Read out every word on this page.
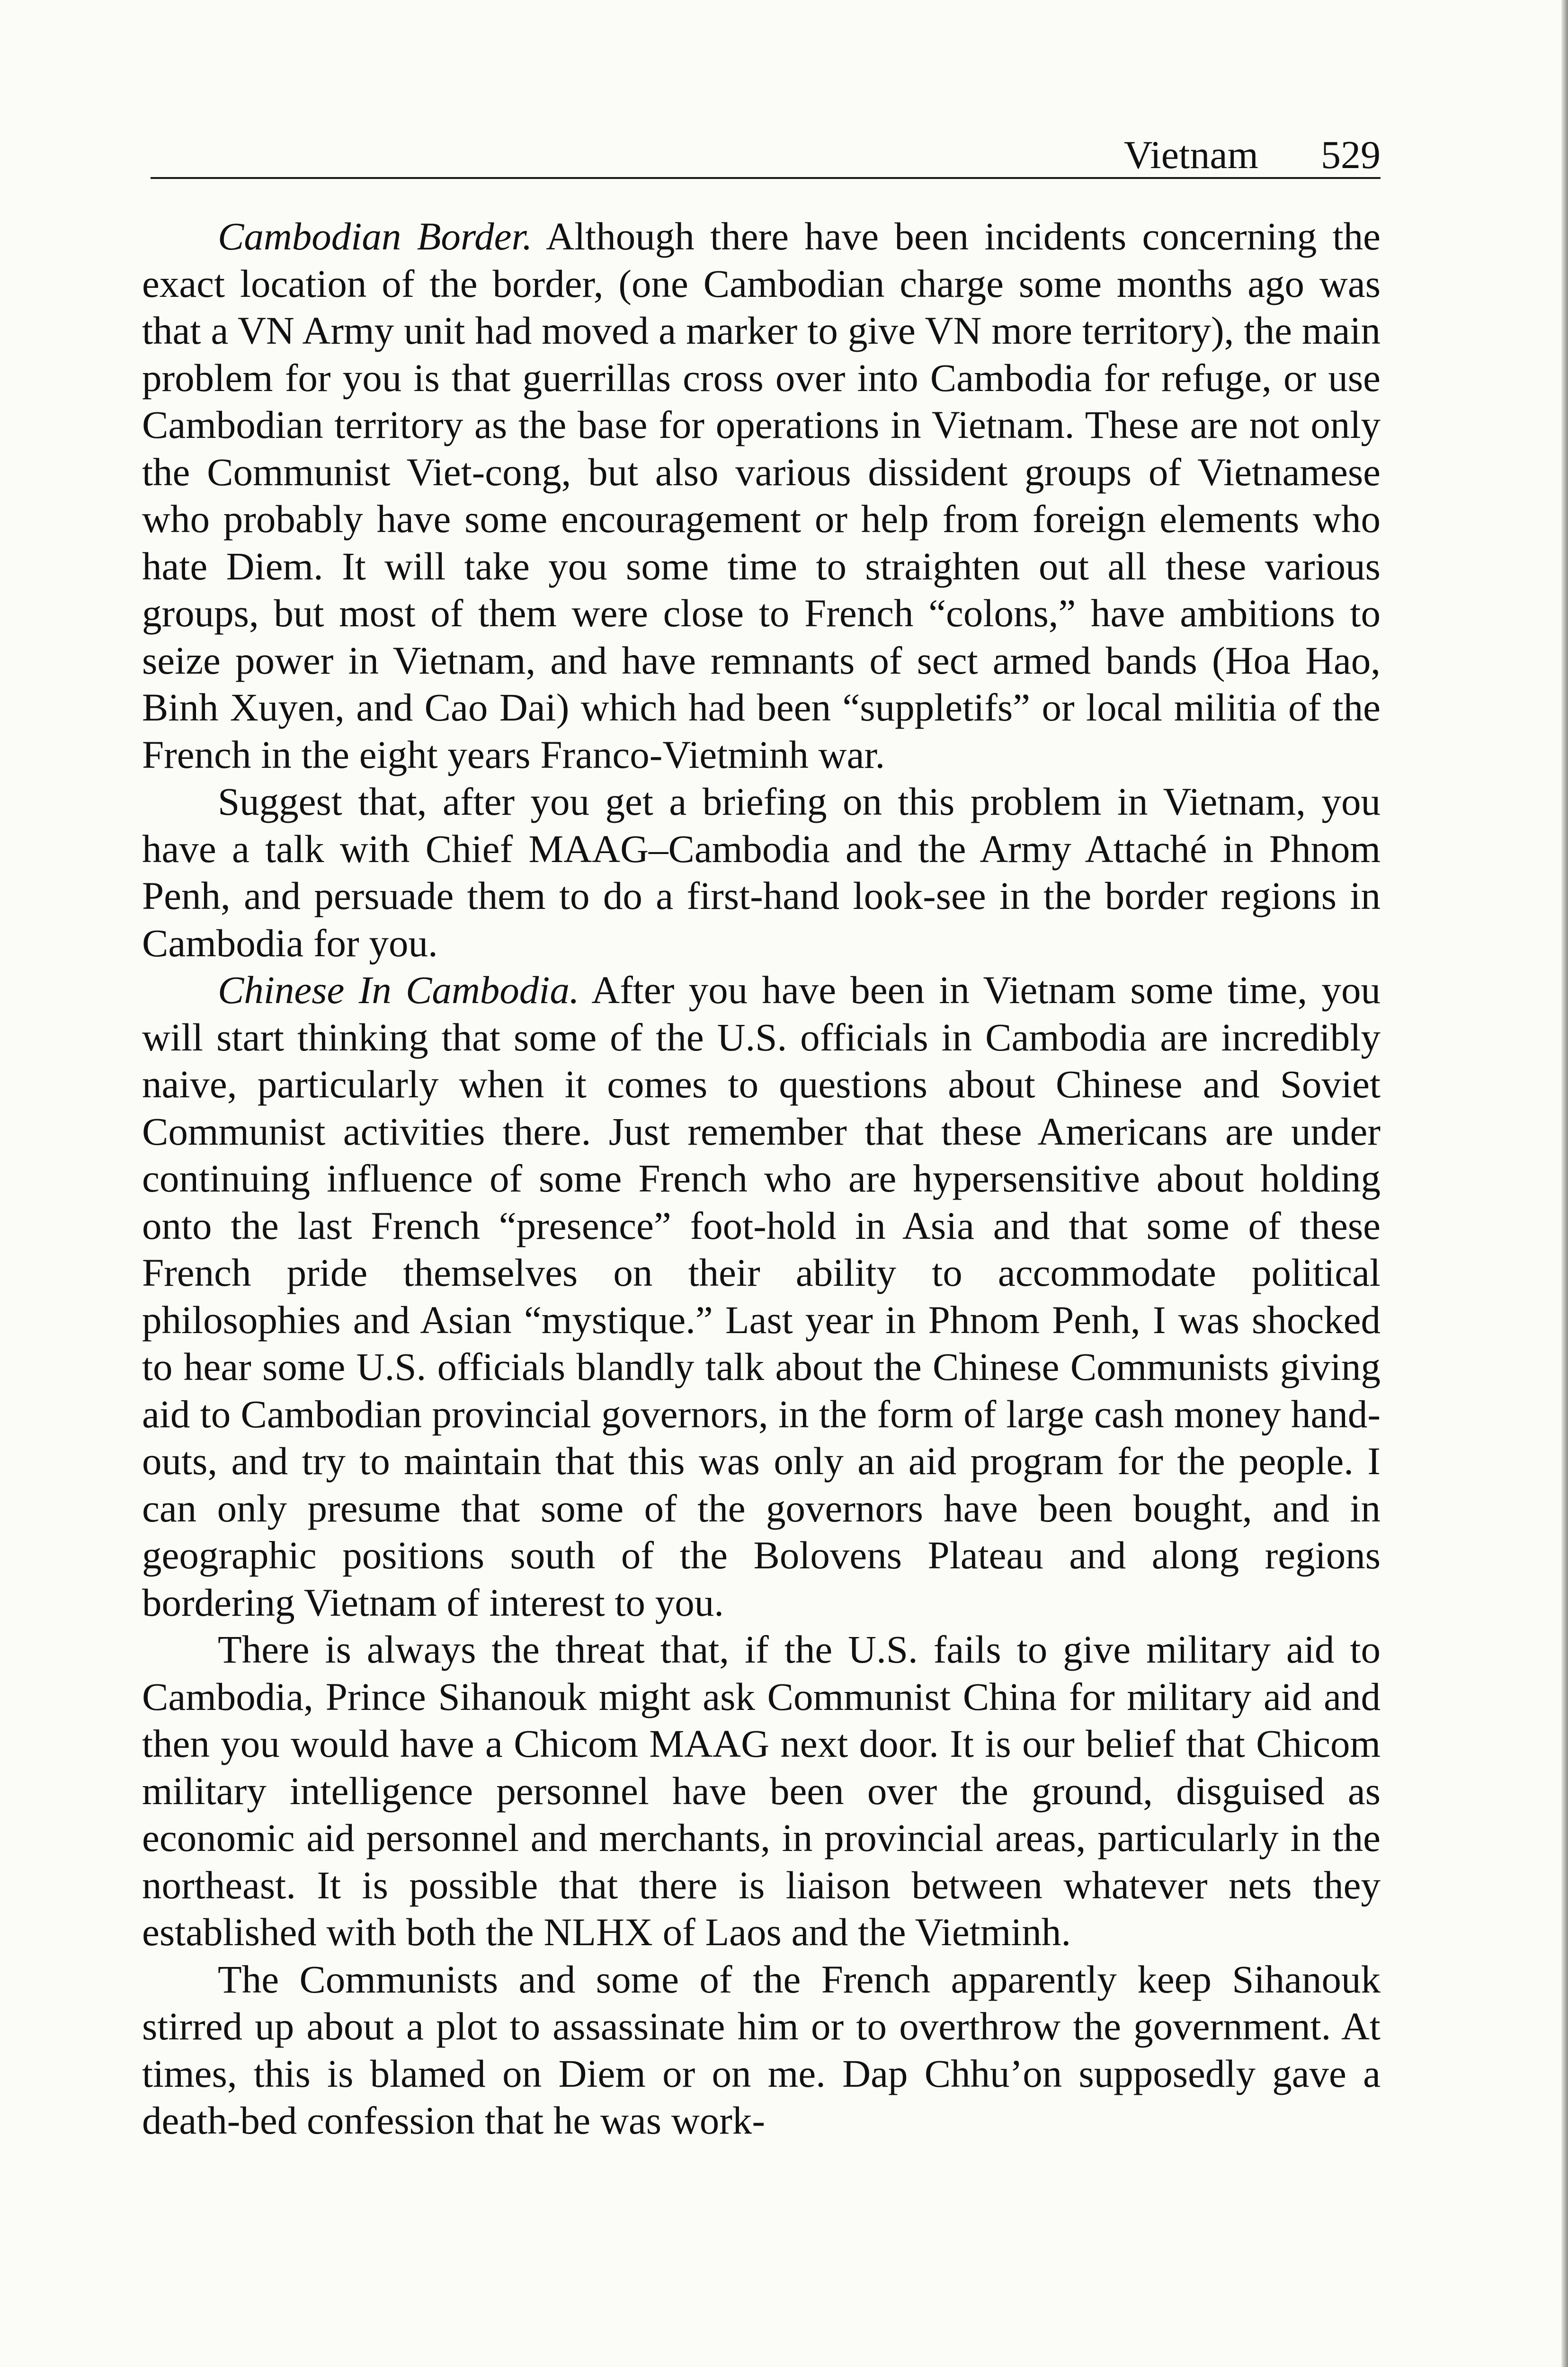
Vietnam 529

Cambodian Border. Although there have been incidents concerning the exact location of the border, (one Cambodian charge some months ago was that a VN Army unit had moved a marker to give VN more territory), the main problem for you is that guerrillas cross over into Cambodia for refuge, or use Cambodian territory as the base for operations in Vietnam. These are not only the Communist Viet-cong, but also various dissident groups of Vietnamese who probably have some encouragement or help from foreign elements who hate Diem. It will take you some time to straighten out all these various groups, but most of them were close to French “colons,” have ambitions to seize power in Vietnam, and have remnants of sect armed bands (Hoa Hao, Binh Xuyen, and Cao Dai) which had been “suppletifs” or local militia of the French in the eight years Franco-Vietminh war.

Suggest that, after you get a briefing on this problem in Vietnam, you have a talk with Chief MAAG–Cambodia and the Army Attaché in Phnom Penh, and persuade them to do a first-hand look-see in the border regions in Cambodia for you.

Chinese In Cambodia. After you have been in Vietnam some time, you will start thinking that some of the U.S. officials in Cambodia are incredibly naive, particularly when it comes to questions about Chinese and Soviet Communist activities there. Just remember that these Americans are under continuing influence of some French who are hypersensitive about holding onto the last French “presence” foot-hold in Asia and that some of these French pride themselves on their ability to accommodate political philosophies and Asian “mystique.” Last year in Phnom Penh, I was shocked to hear some U.S. officials blandly talk about the Chinese Communists giving aid to Cambodian provincial governors, in the form of large cash money hand-outs, and try to maintain that this was only an aid program for the people. I can only presume that some of the governors have been bought, and in geographic positions south of the Bolovens Plateau and along regions bordering Vietnam of interest to you.

There is always the threat that, if the U.S. fails to give military aid to Cambodia, Prince Sihanouk might ask Communist China for military aid and then you would have a Chicom MAAG next door. It is our belief that Chicom military intelligence personnel have been over the ground, disguised as economic aid personnel and merchants, in provincial areas, particularly in the northeast. It is possible that there is liaison between whatever nets they established with both the NLHX of Laos and the Vietminh.

The Communists and some of the French apparently keep Sihanouk stirred up about a plot to assassinate him or to overthrow the government. At times, this is blamed on Diem or on me. Dap Chhu’on supposedly gave a death-bed confession that he was work-
